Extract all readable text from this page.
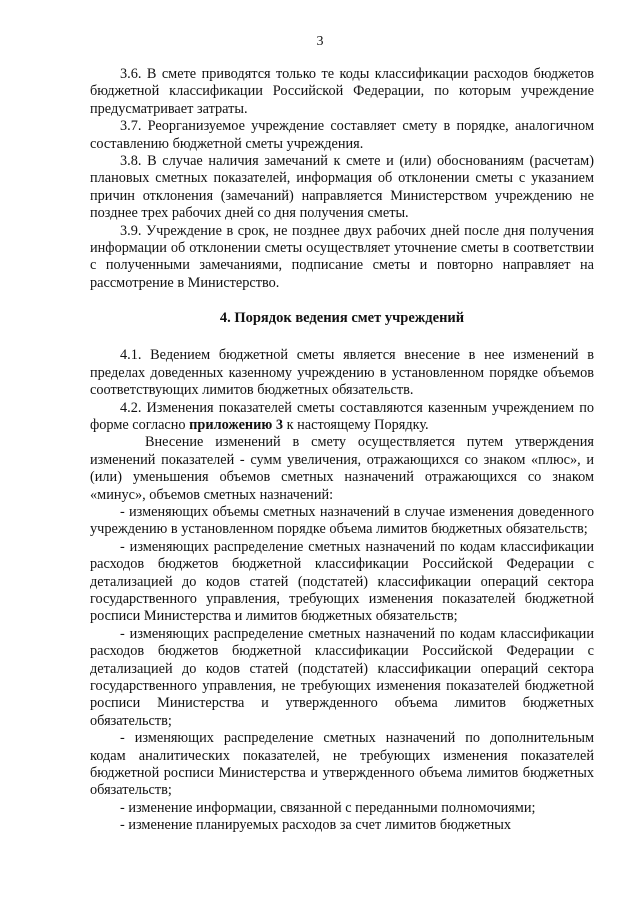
3

3.6. В смете приводятся только те коды классификации расходов бюджетов бюджетной классификации Российской Федерации, по которым учреждение предусматривает затраты.

3.7. Реорганизуемое учреждение составляет смету в порядке, аналогичном составлению бюджетной сметы учреждения.

3.8. В случае наличия замечаний к смете и (или) обоснованиям (расчетам) плановых сметных показателей, информация об отклонении сметы с указанием причин отклонения (замечаний) направляется Министерством учреждению не позднее трех рабочих дней со дня получения сметы.

3.9. Учреждение в срок, не позднее двух рабочих дней после дня получения информации об отклонении сметы осуществляет уточнение сметы в соответствии с полученными замечаниями, подписание сметы и повторно направляет на рассмотрение в Министерство.

4. Порядок ведения смет учреждений

4.1. Ведением бюджетной сметы является внесение в нее изменений в пределах доведенных казенному учреждению в установленном порядке объемов соответствующих лимитов бюджетных обязательств.

4.2. Изменения показателей сметы составляются казенным учреждением по форме согласно приложению 3 к настоящему Порядку.

Внесение изменений в смету осуществляется путем утверждения изменений показателей - сумм увеличения, отражающихся со знаком «плюс», и (или) уменьшения объемов сметных назначений отражающихся со знаком «минус», объемов сметных назначений:

- изменяющих объемы сметных назначений в случае изменения доведенного учреждению в установленном порядке объема лимитов бюджетных обязательств;

- изменяющих распределение сметных назначений по кодам классификации расходов бюджетов бюджетной классификации Российской Федерации с детализацией до кодов статей (подстатей) классификации операций сектора государственного управления, требующих изменения показателей бюджетной росписи Министерства и лимитов бюджетных обязательств;

- изменяющих распределение сметных назначений по кодам классификации расходов бюджетов бюджетной классификации Российской Федерации с детализацией до кодов статей (подстатей) классификации операций сектора государственного управления, не требующих изменения показателей бюджетной росписи Министерства и утвержденного объема лимитов бюджетных обязательств;

- изменяющих распределение сметных назначений по дополнительным кодам аналитических показателей, не требующих изменения показателей бюджетной росписи Министерства и утвержденного объема лимитов бюджетных обязательств;

- изменение информации, связанной с переданными полномочиями;

- изменение планируемых расходов за счет лимитов бюджетных
